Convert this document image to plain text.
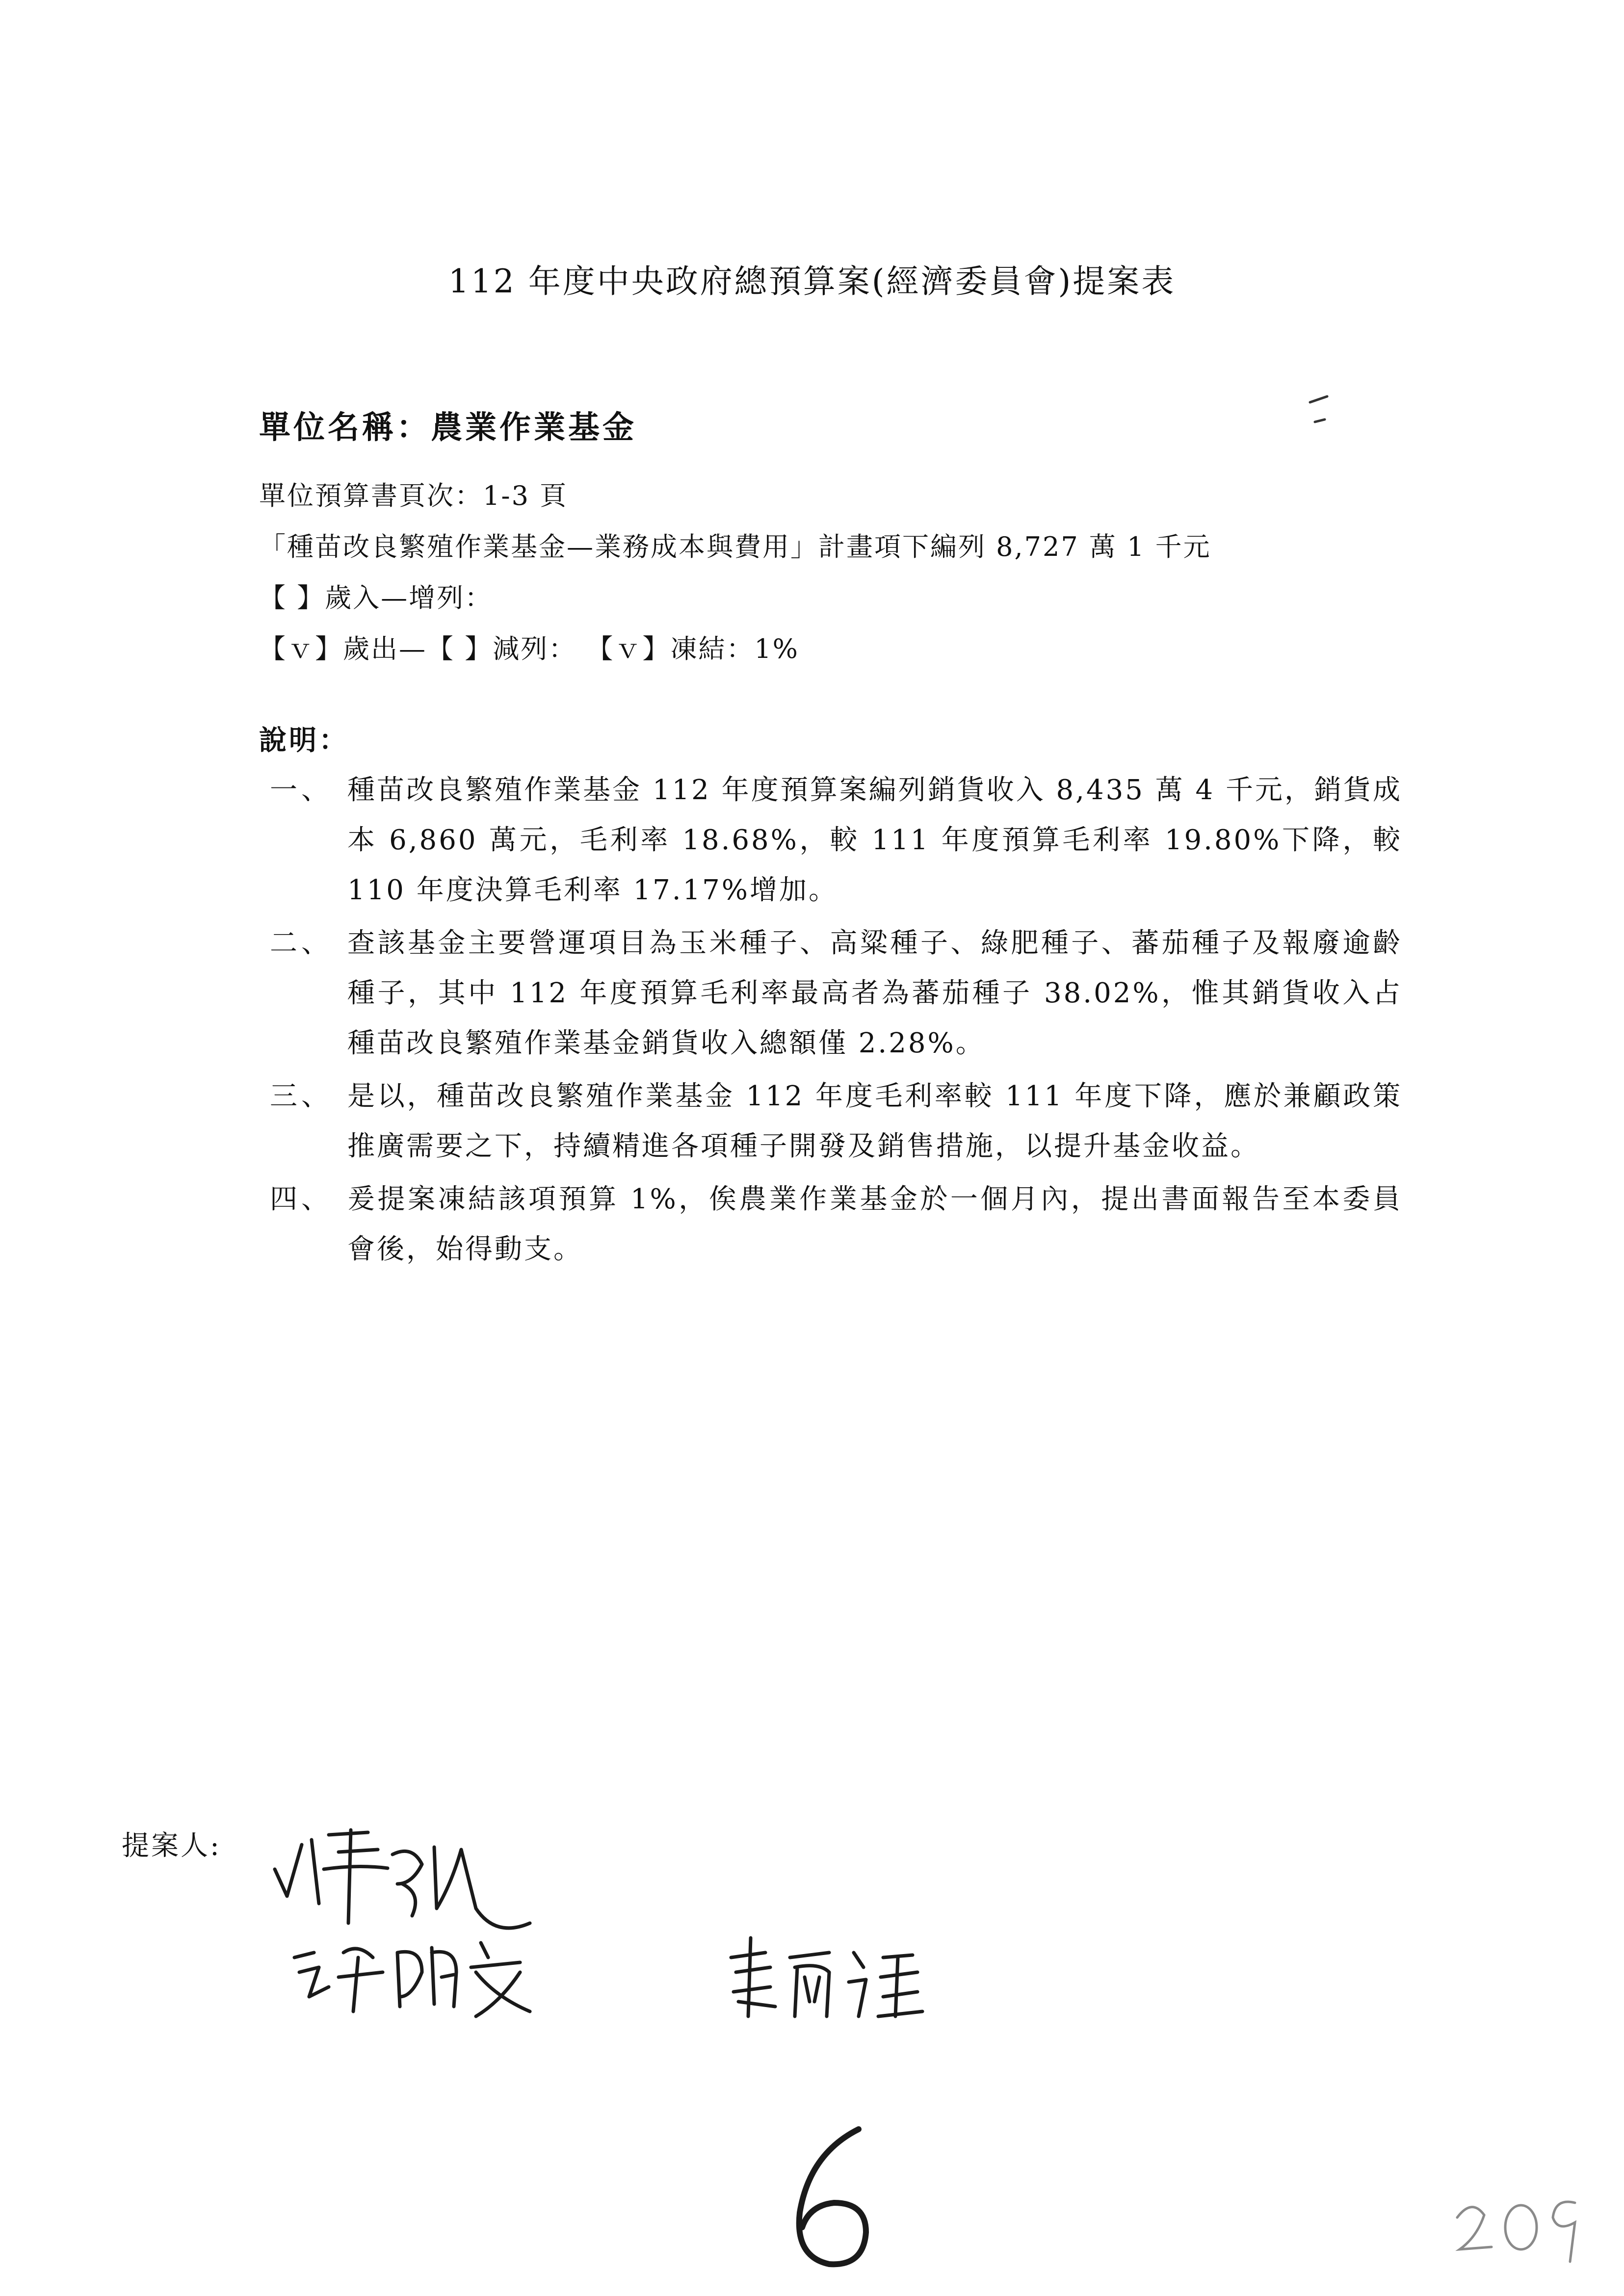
112 年度中央政府總預算案(經濟委員會)提案表
單位名稱：農業作業基金
單位預算書頁次：1-3 頁
「種苗改良繁殖作業基金—業務成本與費用」計畫項下編列 8,727 萬 1 千元
【 】歲入—增列：
【ｖ】歲出—【 】減列： 【ｖ】凍結：1%
說明：
一、 種苗改良繁殖作業基金 112 年度預算案編列銷貨收入 8,435 萬 4 千元，銷貨成本 6,860 萬元，毛利率 18.68%，較 111 年度預算毛利率 19.80%下降，較 110 年度決算毛利率 17.17%增加。
二、 查該基金主要營運項目為玉米種子、高粱種子、綠肥種子、蕃茄種子及報廢逾齡種子，其中 112 年度預算毛利率最高者為蕃茄種子 38.02%，惟其銷貨收入占種苗改良繁殖作業基金銷貨收入總額僅 2.28%。
三、 是以，種苗改良繁殖作業基金 112 年度毛利率較 111 年度下降，應於兼顧政策推廣需要之下，持續精進各項種子開發及銷售措施，以提升基金收益。
四、 爰提案凍結該項預算 1%，俟農業作業基金於一個月內，提出書面報告至本委員會後，始得動支。
提案人:
